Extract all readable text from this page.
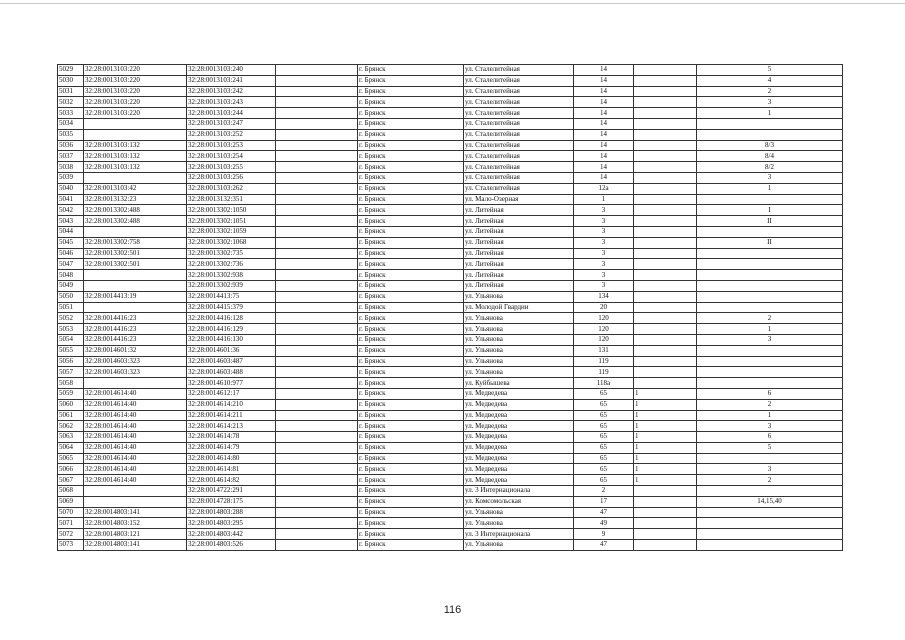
5029	32:28:0013103:220	32:28:0013103:240		г. Брянск	ул. Сталелитейная	14		5
5030	32:28:0013103:220	32:28:0013103:241		г. Брянск	ул. Сталелитейная	14		4
5031	32:28:0013103:220	32:28:0013103:242		г. Брянск	ул. Сталелитейная	14		2
5032	32:28:0013103:220	32:28:0013103:243		г. Брянск	ул. Сталелитейная	14		3
5033	32:28:0013103:220	32:28:0013103:244		г. Брянск	ул. Сталелитейная	14		1
5034		32:28:0013103:247		г. Брянск	ул. Сталелитейная	14		
5035		32:28:0013103:252		г. Брянск	ул. Сталелитейная	14		
5036	32:28:0013103:132	32:28:0013103:253		г. Брянск	ул. Сталелитейная	14		8/3
5037	32:28:0013103:132	32:28:0013103:254		г. Брянск	ул. Сталелитейная	14		8/4
5038	32:28:0013103:132	32:28:0013103:255		г. Брянск	ул. Сталелитейная	14		8/2
5039		32:28:0013103:256		г. Брянск	ул. Сталелитейная	14		3
5040	32:28:0013103:42	32:28:0013103:262		г. Брянск	ул. Сталелитейная	12а		1
5041	32:28:0013132:23	32:28:0013132:351		г. Брянск	ул. Мало-Озерная	1		
5042	32:28:0013302:488	32:28:0013302:1050		г. Брянск	ул. Литейная	3		I
5043	32:28:0013302:488	32:28:0013302:1051		г. Брянск	ул. Литейная	3		II
5044		32:28:0013302:1059		г. Брянск	ул. Литейная	3		
5045	32:28:0013302:758	32:28:0013302:1068		г. Брянск	ул. Литейная	3		II
5046	32:28:0013302:501	32:28:0013302:735		г. Брянск	ул. Литейная	3		
5047	32:28:0013302:501	32:28:0013302:736		г. Брянск	ул. Литейная	3		
5048		32:28:0013302:938		г. Брянск	ул. Литейная	3		
5049		32:28:0013302:939		г. Брянск	ул. Литейная	3		
5050	32:28:0014413:19	32:28:0014413:75		г. Брянск	ул. Ульянова	134		
5051		32:28:0014415:379		г. Брянск	ул. Молодой Гвардии	20		
5052	32:28:0014416:23	32:28:0014416:128		г. Брянск	ул. Ульянова	120		2
5053	32:28:0014416:23	32:28:0014416:129		г. Брянск	ул. Ульянова	120		1
5054	32:28:0014416:23	32:28:0014416:130		г. Брянск	ул. Ульянова	120		3
5055	32:28:0014601:32	32:28:0014601:36		г. Брянск	ул. Ульянова	131		
5056	32:28:0014603:323	32:28:0014603:487		г. Брянск	ул. Ульянова	119		
5057	32:28:0014603:323	32:28:0014603:488		г. Брянск	ул. Ульянова	119		
5058		32:28:0014610:977		г. Брянск	ул. Куйбышева	118а		
5059	32:28:0014614:40	32:28:0014612:17		г. Брянск	ул. Медведева	65	1	6
5060	32:28:0014614:40	32:28:0014614:210		г. Брянск	ул. Медведева	65	1	2
5061	32:28:0014614:40	32:28:0014614:211		г. Брянск	ул. Медведева	65	1	1
5062	32:28:0014614:40	32:28:0014614:213		г. Брянск	ул. Медведева	65	1	3
5063	32:28:0014614:40	32:28:0014614:78		г. Брянск	ул. Медведева	65	1	6
5064	32:28:0014614:40	32:28:0014614:79		г. Брянск	ул. Медведева	65	1	5
5065	32:28:0014614:40	32:28:0014614:80		г. Брянск	ул. Медведева	65	1	
5066	32:28:0014614:40	32:28:0014614:81		г. Брянск	ул. Медведева	65	1	3
5067	32:28:0014614:40	32:28:0014614:82		г. Брянск	ул. Медведева	65	1	2
5068		32:28:0014722:291		г. Брянск	ул. 3 Интернационала	2		
5069		32:28:0014728:175		г. Брянск	ул. Комсомольская	17		14,15,40
5070	32:28:0014803:141	32:28:0014803:288		г. Брянск	ул. Ульянова	47		
5071	32:28:0014803:152	32:28:0014803:295		г. Брянск	ул. Ульянова	49		
5072	32:28:0014803:121	32:28:0014803:442		г. Брянск	ул. 3 Интернационала	9		
5073	32:28:0014803:141	32:28:0014803:526		г. Брянск	ул. Ульянова	47		
116
